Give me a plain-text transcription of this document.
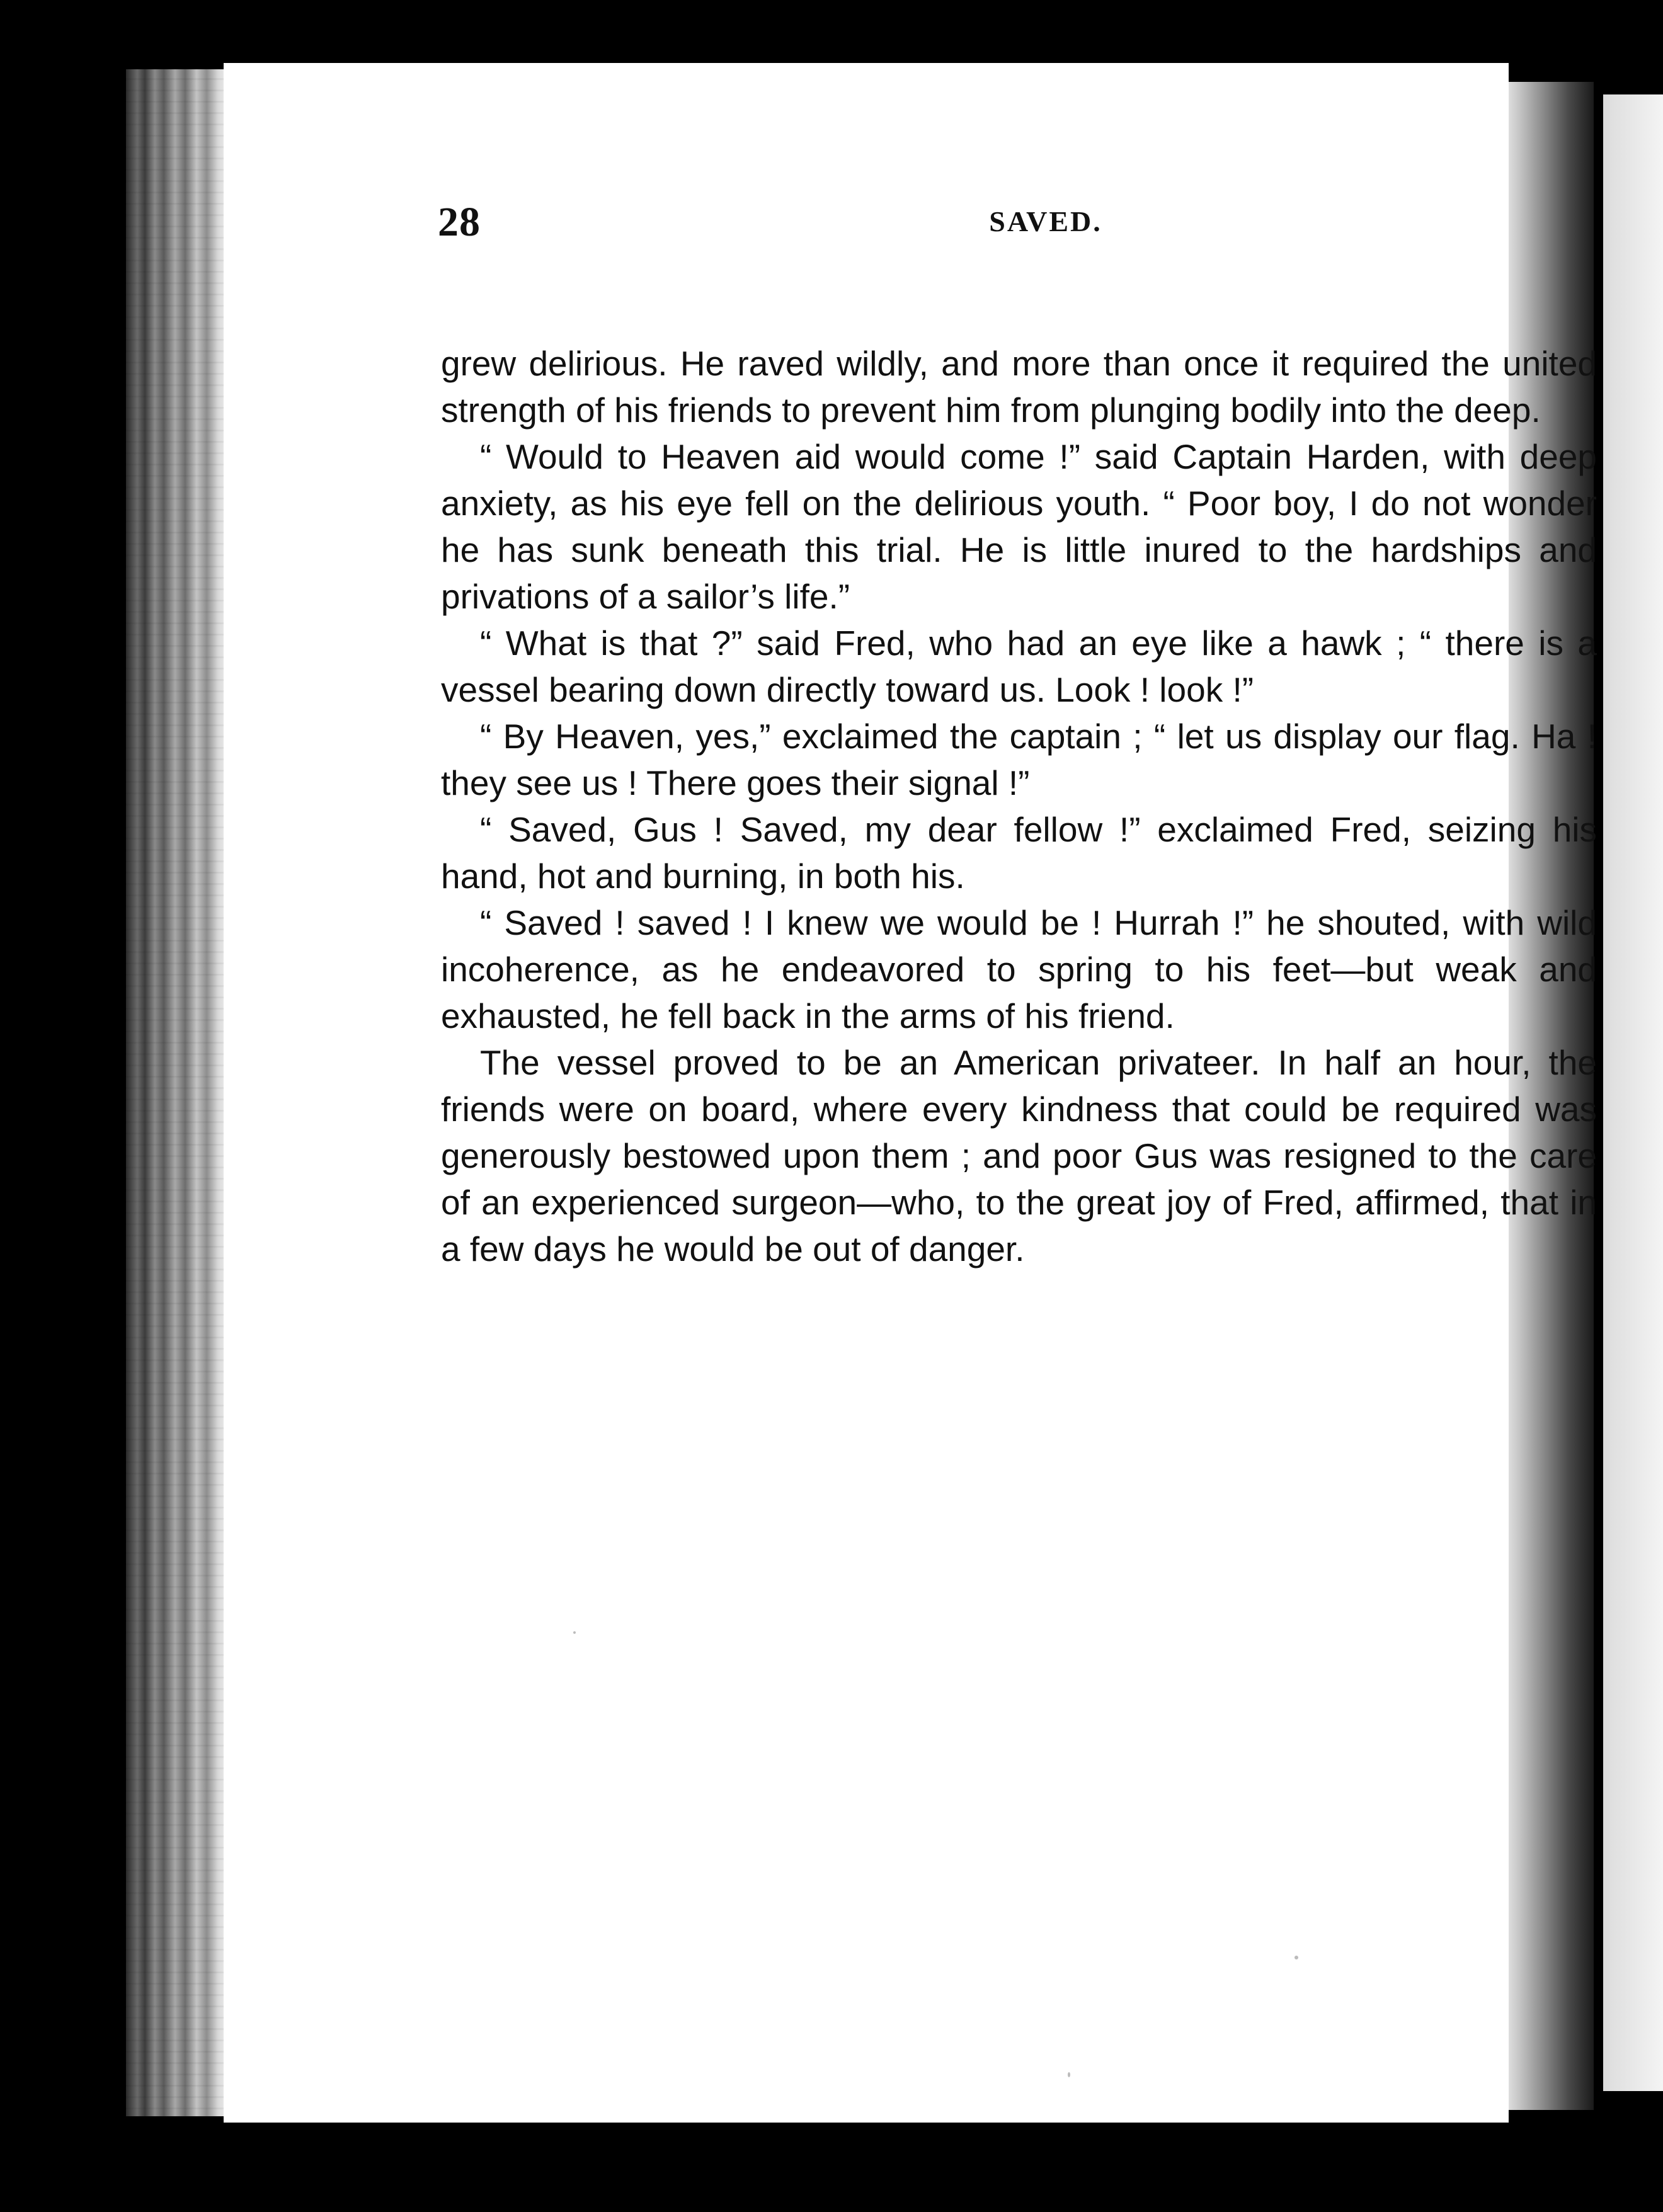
28	SAVED.

grew delirious. He raved wildly, and more than once it required the united strength of his friends to prevent him from plunging bodily into the deep.

“ Would to Heaven aid would come !” said Captain Harden, with deep anxiety, as his eye fell on the delirious youth. “ Poor boy, I do not wonder he has sunk beneath this trial. He is little inured to the hardships and privations of a sailor’s life.”

“ What is that ?” said Fred, who had an eye like a hawk ; “ there is a vessel bearing down directly toward us. Look ! look !”

“ By Heaven, yes,” exclaimed the captain ; “ let us display our flag. Ha ! they see us ! There goes their signal !”

“ Saved, Gus ! Saved, my dear fellow !” exclaimed Fred, seizing his hand, hot and burning, in both his.

“ Saved ! saved ! I knew we would be ! Hurrah !” he shouted, with wild incoherence, as he endeavored to spring to his feet—but weak and exhausted, he fell back in the arms of his friend.

The vessel proved to be an American privateer. In half an hour, the friends were on board, where every kindness that could be required was generously bestowed upon them ; and poor Gus was resigned to the care of an experienced surgeon—who, to the great joy of Fred, affirmed, that in a few days he would be out of danger.
